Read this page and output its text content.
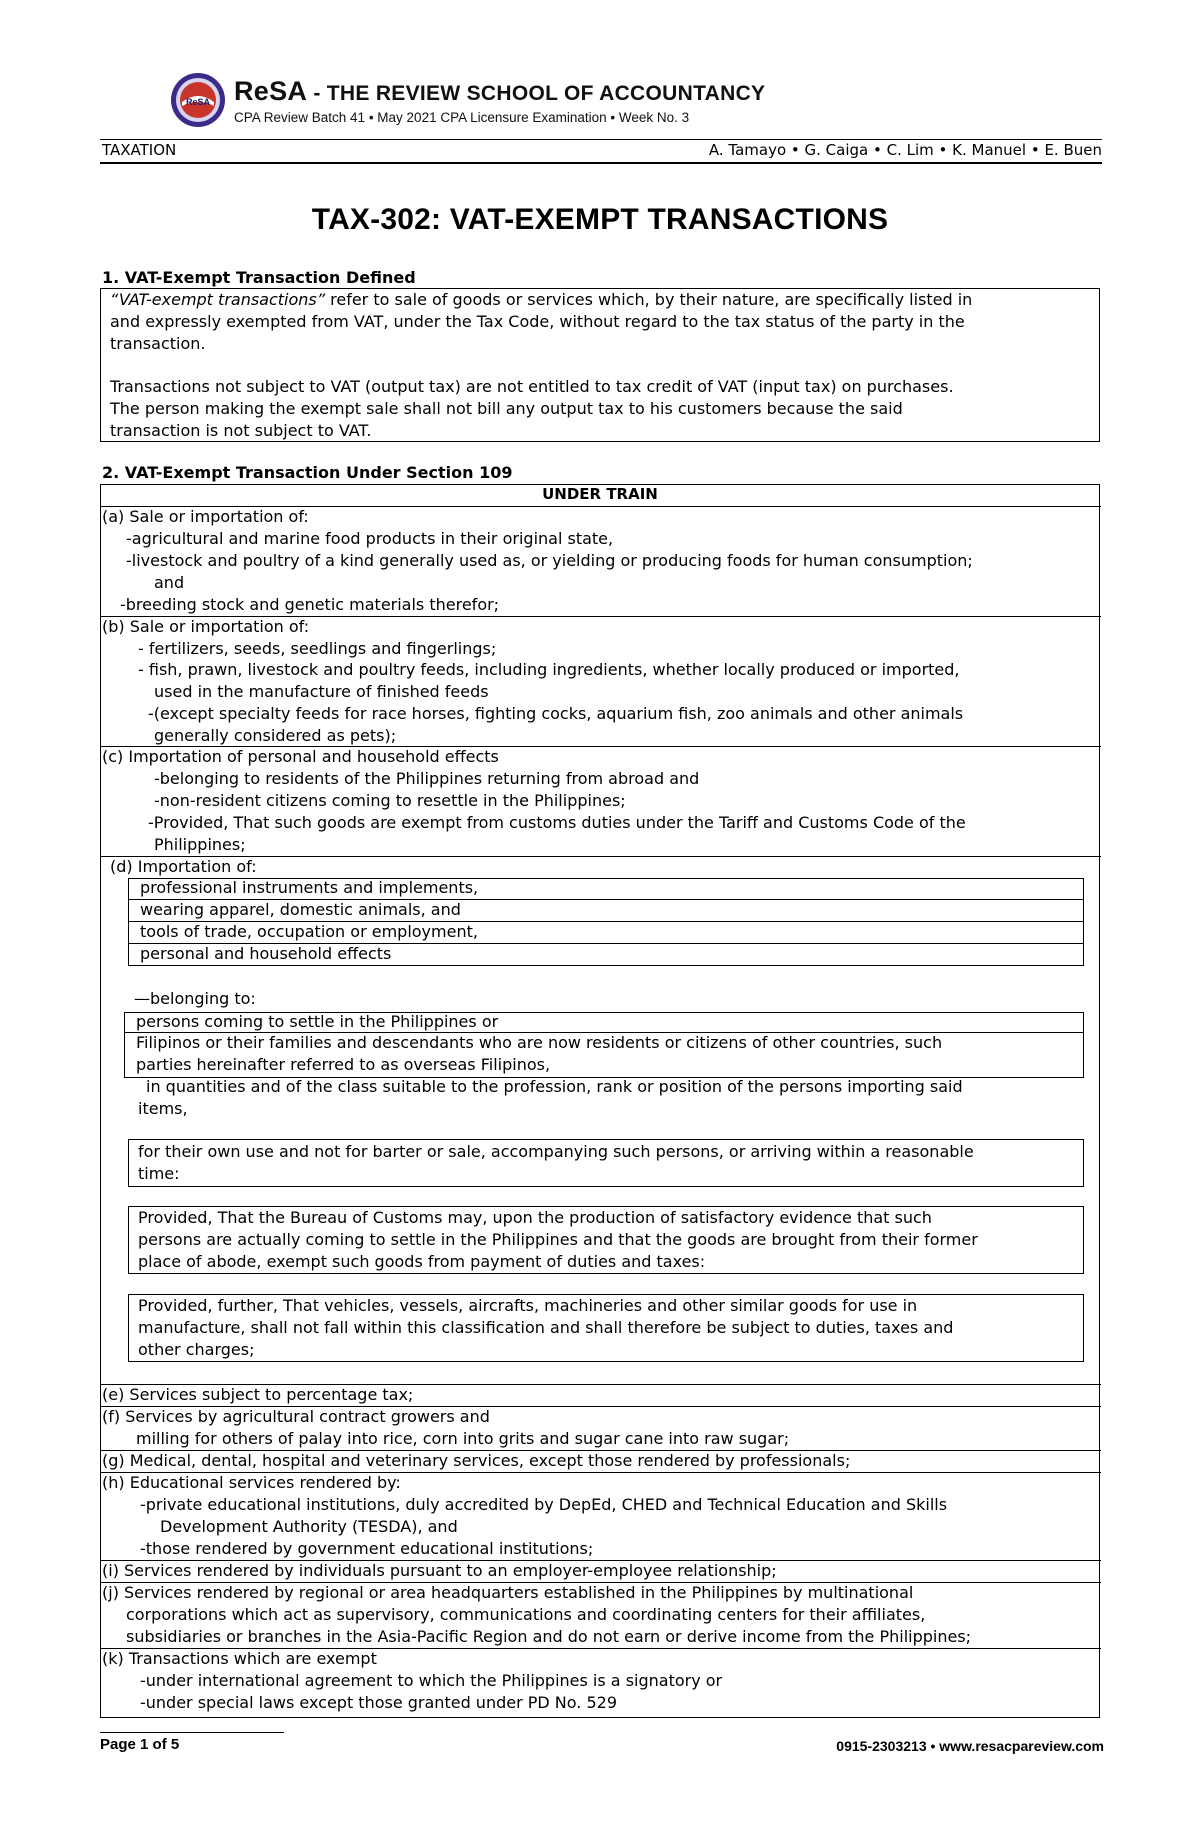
ReSA ReSA - THE REVIEW SCHOOL OF ACCOUNTANCY
CPA Review Batch 41 • May 2021 CPA Licensure Examination • Week No. 3
TAXATION	A. Tamayo • G. Caiga • C. Lim • K. Manuel • E. Buen
TAX-302: VAT-EXEMPT TRANSACTIONS
1. VAT-Exempt Transaction Defined
“VAT-exempt transactions” refer to sale of goods or services which, by their nature, are specifically listed in
and expressly exempted from VAT, under the Tax Code, without regard to the tax status of the party in the
transaction.
Transactions not subject to VAT (output tax) are not entitled to tax credit of VAT (input tax) on purchases.
The person making the exempt sale shall not bill any output tax to his customers because the said
transaction is not subject to VAT.
2. VAT-Exempt Transaction Under Section 109
UNDER TRAIN
(a) Sale or importation of:
-agricultural and marine food products in their original state,
-livestock and poultry of a kind generally used as, or yielding or producing foods for human consumption;
and
-breeding stock and genetic materials therefor;
(b) Sale or importation of:
- fertilizers, seeds, seedlings and fingerlings;
- fish, prawn, livestock and poultry feeds, including ingredients, whether locally produced or imported,
used in the manufacture of finished feeds
-(except specialty feeds for race horses, fighting cocks, aquarium fish, zoo animals and other animals
generally considered as pets);
(c) Importation of personal and household effects
-belonging to residents of the Philippines returning from abroad and
-non-resident citizens coming to resettle in the Philippines;
-Provided, That such goods are exempt from customs duties under the Tariff and Customs Code of the
Philippines;
(d) Importation of:
professional instruments and implements,
wearing apparel, domestic animals, and
tools of trade, occupation or employment,
personal and household effects
—belonging to:
persons coming to settle in the Philippines or
Filipinos or their families and descendants who are now residents or citizens of other countries, such
parties hereinafter referred to as overseas Filipinos,
in quantities and of the class suitable to the profession, rank or position of the persons importing said
items,
for their own use and not for barter or sale, accompanying such persons, or arriving within a reasonable
time:
Provided, That the Bureau of Customs may, upon the production of satisfactory evidence that such
persons are actually coming to settle in the Philippines and that the goods are brought from their former
place of abode, exempt such goods from payment of duties and taxes:
Provided, further, That vehicles, vessels, aircrafts, machineries and other similar goods for use in
manufacture, shall not fall within this classification and shall therefore be subject to duties, taxes and
other charges;
(e) Services subject to percentage tax;
(f) Services by agricultural contract growers and
milling for others of palay into rice, corn into grits and sugar cane into raw sugar;
(g) Medical, dental, hospital and veterinary services, except those rendered by professionals;
(h) Educational services rendered by:
-private educational institutions, duly accredited by DepEd, CHED and Technical Education and Skills
Development Authority (TESDA), and
-those rendered by government educational institutions;
(i) Services rendered by individuals pursuant to an employer-employee relationship;
(j) Services rendered by regional or area headquarters established in the Philippines by multinational
corporations which act as supervisory, communications and coordinating centers for their affiliates,
subsidiaries or branches in the Asia-Pacific Region and do not earn or derive income from the Philippines;
(k) Transactions which are exempt
-under international agreement to which the Philippines is a signatory or
-under special laws except those granted under PD No. 529
Page 1 of 5	0915-2303213 • www.resacpareview.com
